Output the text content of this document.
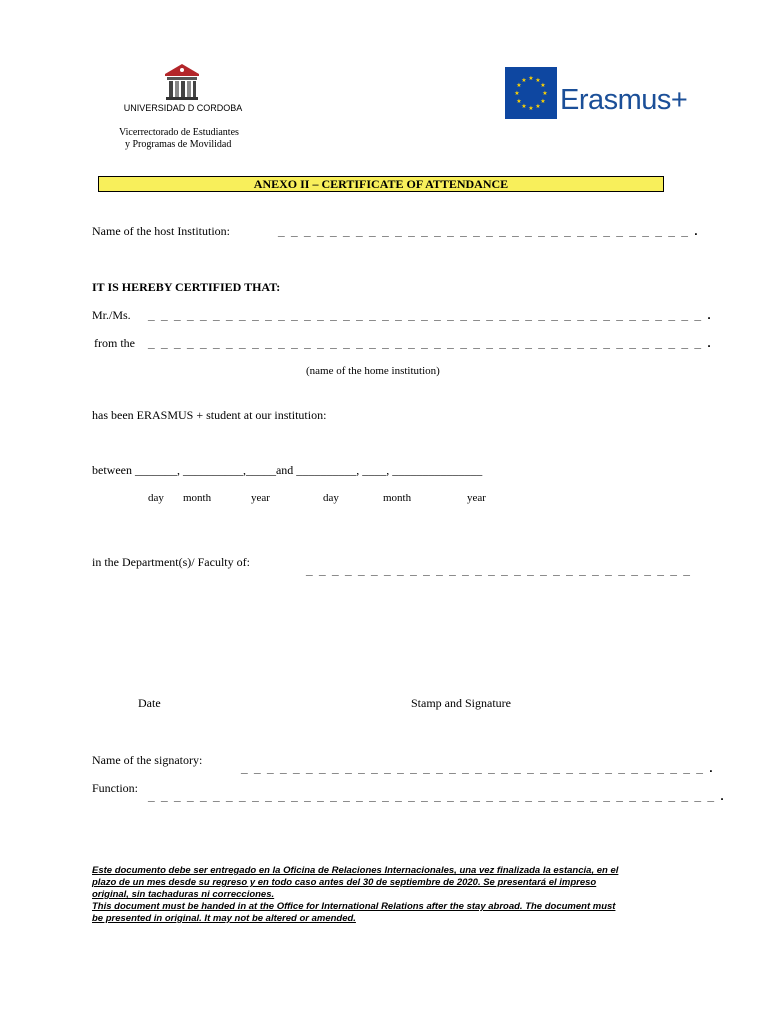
UNIVERSIDAD D CORDOBA
★ ★
★
★
★
★
★
★
★
★
★
★
Erasmus+
Vicerrectorado de Estudiantes
y Programas de Movilidad
ANEXO II – CERTIFICATE OF ATTENDANCE
Name of the host Institution:	_ _ _ _ _ _ _ _ _ _ _ _ _ _ _ _ _ _ _ _ _ _ _ _ _ _ _ _ _ _ _ _ .
IT IS HEREBY CERTIFIED THAT:
Mr./Ms. _ _ _ _ _ _ _ _ _ _ _ _ _ _ _ _ _ _ _ _ _ _ _ _ _ _ _ _ _ _ _ _ _ _ _ _ _ _ _ _ _ _ _ .
from the _ _ _ _ _ _ _ _ _ _ _ _ _ _ _ _ _ _ _ _ _ _ _ _ _ _ _ _ _ _ _ _ _ _ _ _ _ _ _ _ _ _ _ .
(name of the home institution)
has been ERASMUS + student at our institution:
between _______, __________,_____and __________, ____, _______________
day month	year	day	month	year
in the Department(s)/ Faculty of:
_ _ _ _ _ _ _ _ _ _ _ _ _ _ _ _ _ _ _ _ _ _ _ _ _ _ _ _ _ _
Date	Stamp and Signature
Name of the signatory:
_ _ _ _ _ _ _ _ _ _ _ _ _ _ _ _ _ _ _ _ _ _ _ _ _ _ _ _ _ _ _ _ _ _ _ _ .
Function:
_ _ _ _ _ _ _ _ _ _ _ _ _ _ _ _ _ _ _ _ _ _ _ _ _ _ _ _ _ _ _ _ _ _ _ _ _ _ _ _ _ _ _ _ .

Este documento debe ser entregado en la Oficina de Relaciones Internacionales, una vez finalizada la estancia, en el

plazo de un mes desde su regreso y en todo caso antes del 30 de septiembre de 2020. Se presentará el impreso

original, sin tachaduras ni correcciones.

This document must be handed in at the Office for International Relations after the stay abroad. The document must

be presented in original. It may not be altered or amended.
